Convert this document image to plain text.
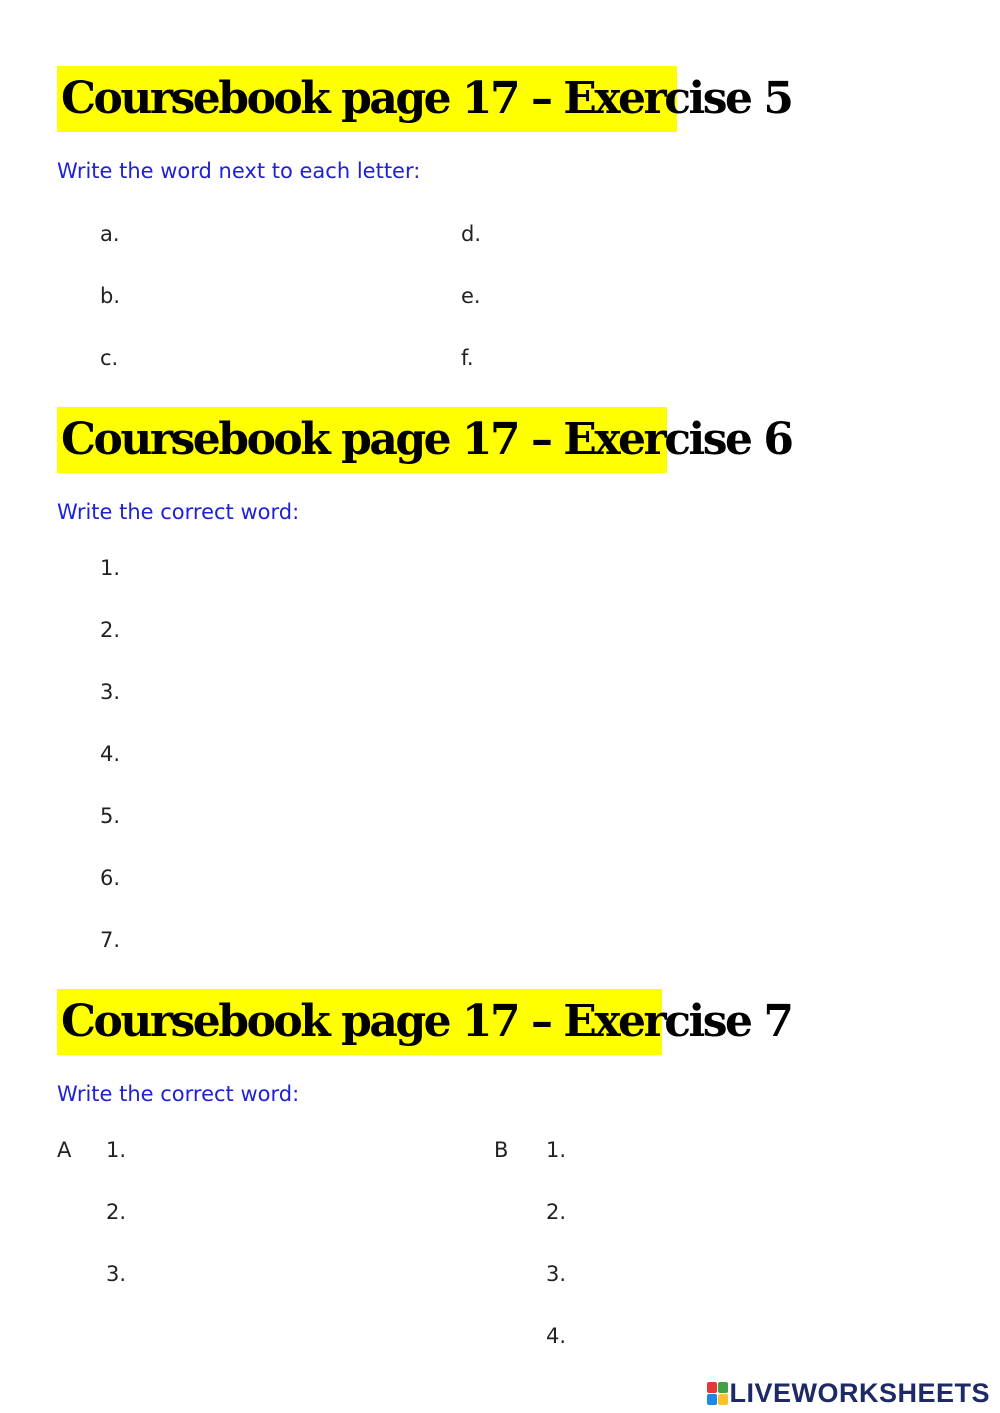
Coursebook page 17 – Exercise 5
Write the word next to each letter:
a.
b.
c.
d.
e.
f.
Coursebook page 17 – Exercise 6
Write the correct word:
1.
2.
3.
4.
5.
6.
7.
Coursebook page 17 – Exercise 7
Write the correct word:
A 1.
2.
3.
B 1.
2.
3.
4.
LIVEWORKSHEETS
